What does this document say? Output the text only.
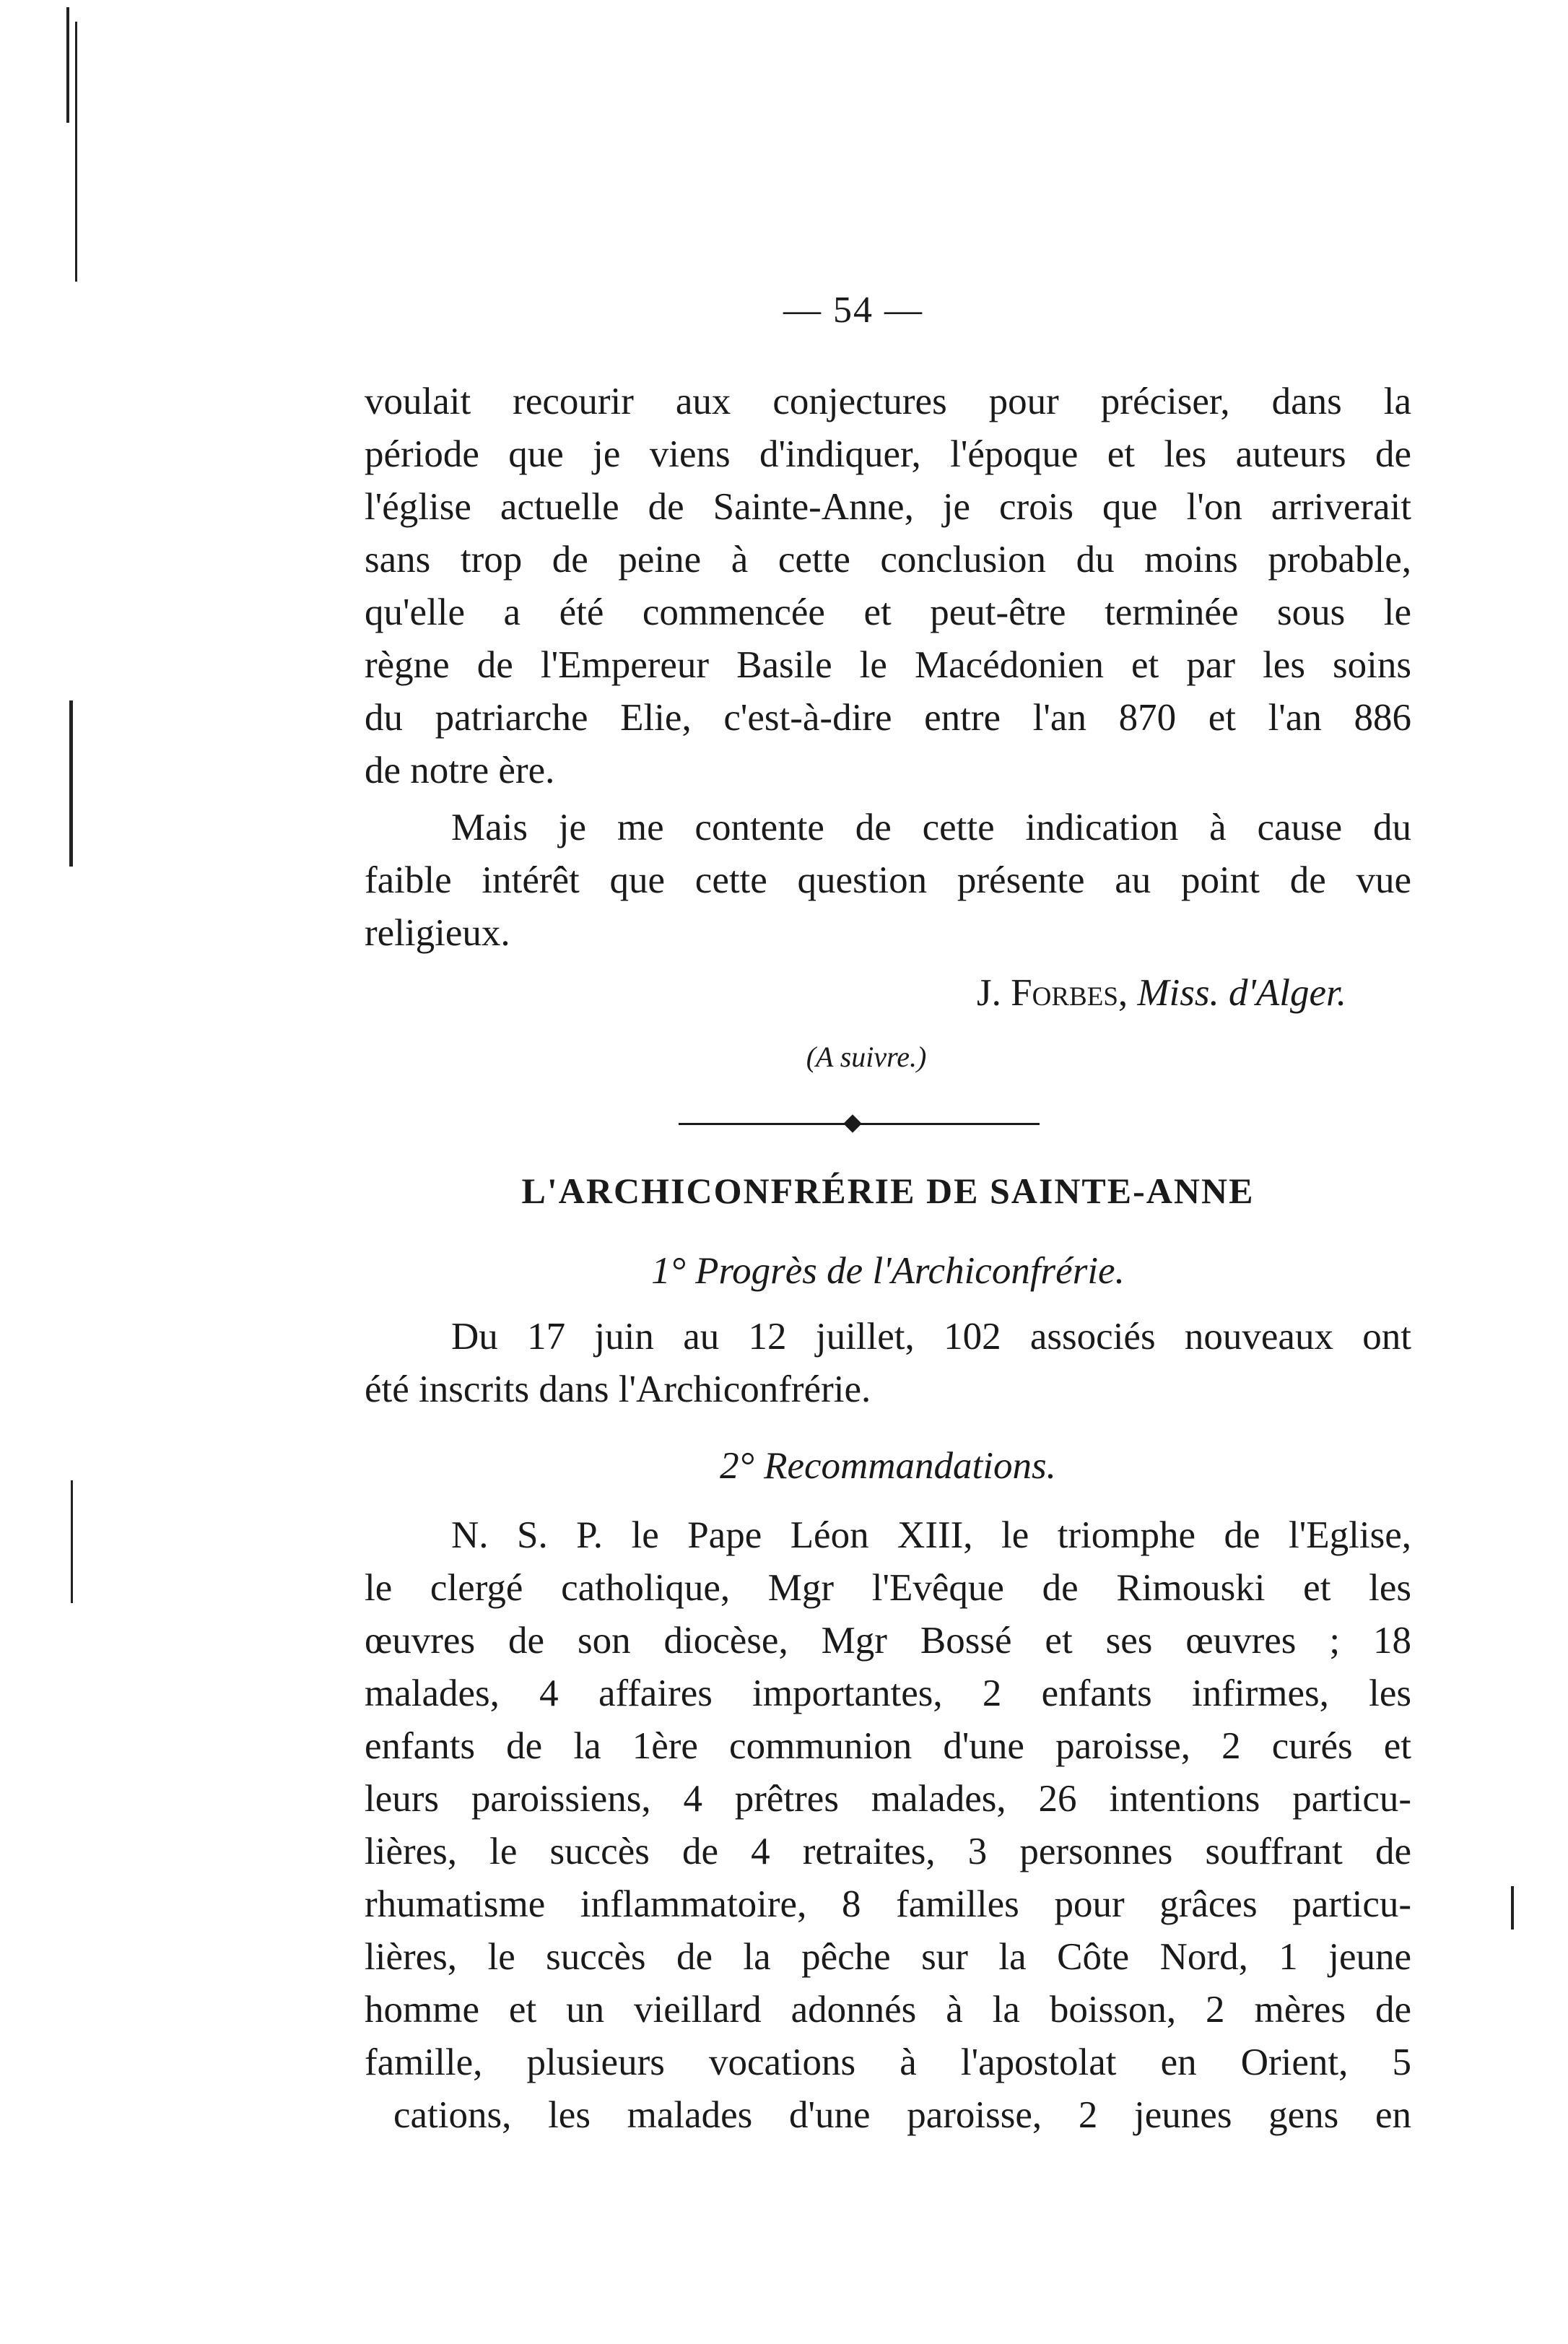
— 54 —

voulait recourir aux conjectures pour préciser, dans la
période que je viens d'indiquer, l'époque et les auteurs de
l'église actuelle de Sainte-Anne, je crois que l'on arriverait
sans trop de peine à cette conclusion du moins probable,
qu'elle a été commencée et peut-être terminée sous le
règne de l'Empereur Basile le Macédonien et par les soins
du patriarche Elie, c'est-à-dire entre l'an 870 et l'an 886
de notre ère.

Mais je me contente de cette indication à cause du
faible intérêt que cette question présente au point de vue
religieux.

J. Forbes, Miss. d'Alger.
(A suivre.)
L'ARCHICONFRÉRIE DE SAINTE-ANNE
1° Progrès de l'Archiconfrérie.

Du 17 juin au 12 juillet, 102 associés nouveaux ont
été inscrits dans l'Archiconfrérie.

2° Recommandations.

N. S. P. le Pape Léon XIII, le triomphe de l'Eglise,
le clergé catholique, Mgr l'Evêque de Rimouski et les
œuvres de son diocèse, Mgr Bossé et ses œuvres ; 18
malades, 4 affaires importantes, 2 enfants infirmes, les
enfants de la 1ère communion d'une paroisse, 2 curés et
leurs paroissiens, 4 prêtres malades, 26 intentions particu-
lières, le succès de 4 retraites, 3 personnes souffrant de
rhumatisme inflammatoire, 8 familles pour grâces particu-
lières, le succès de la pêche sur la Côte Nord, 1 jeune
homme et un vieillard adonnés à la boisson, 2 mères de
famille, plusieurs vocations à l'apostolat en Orient, 5
cations, les malades d'une paroisse, 2 jeunes gens en
